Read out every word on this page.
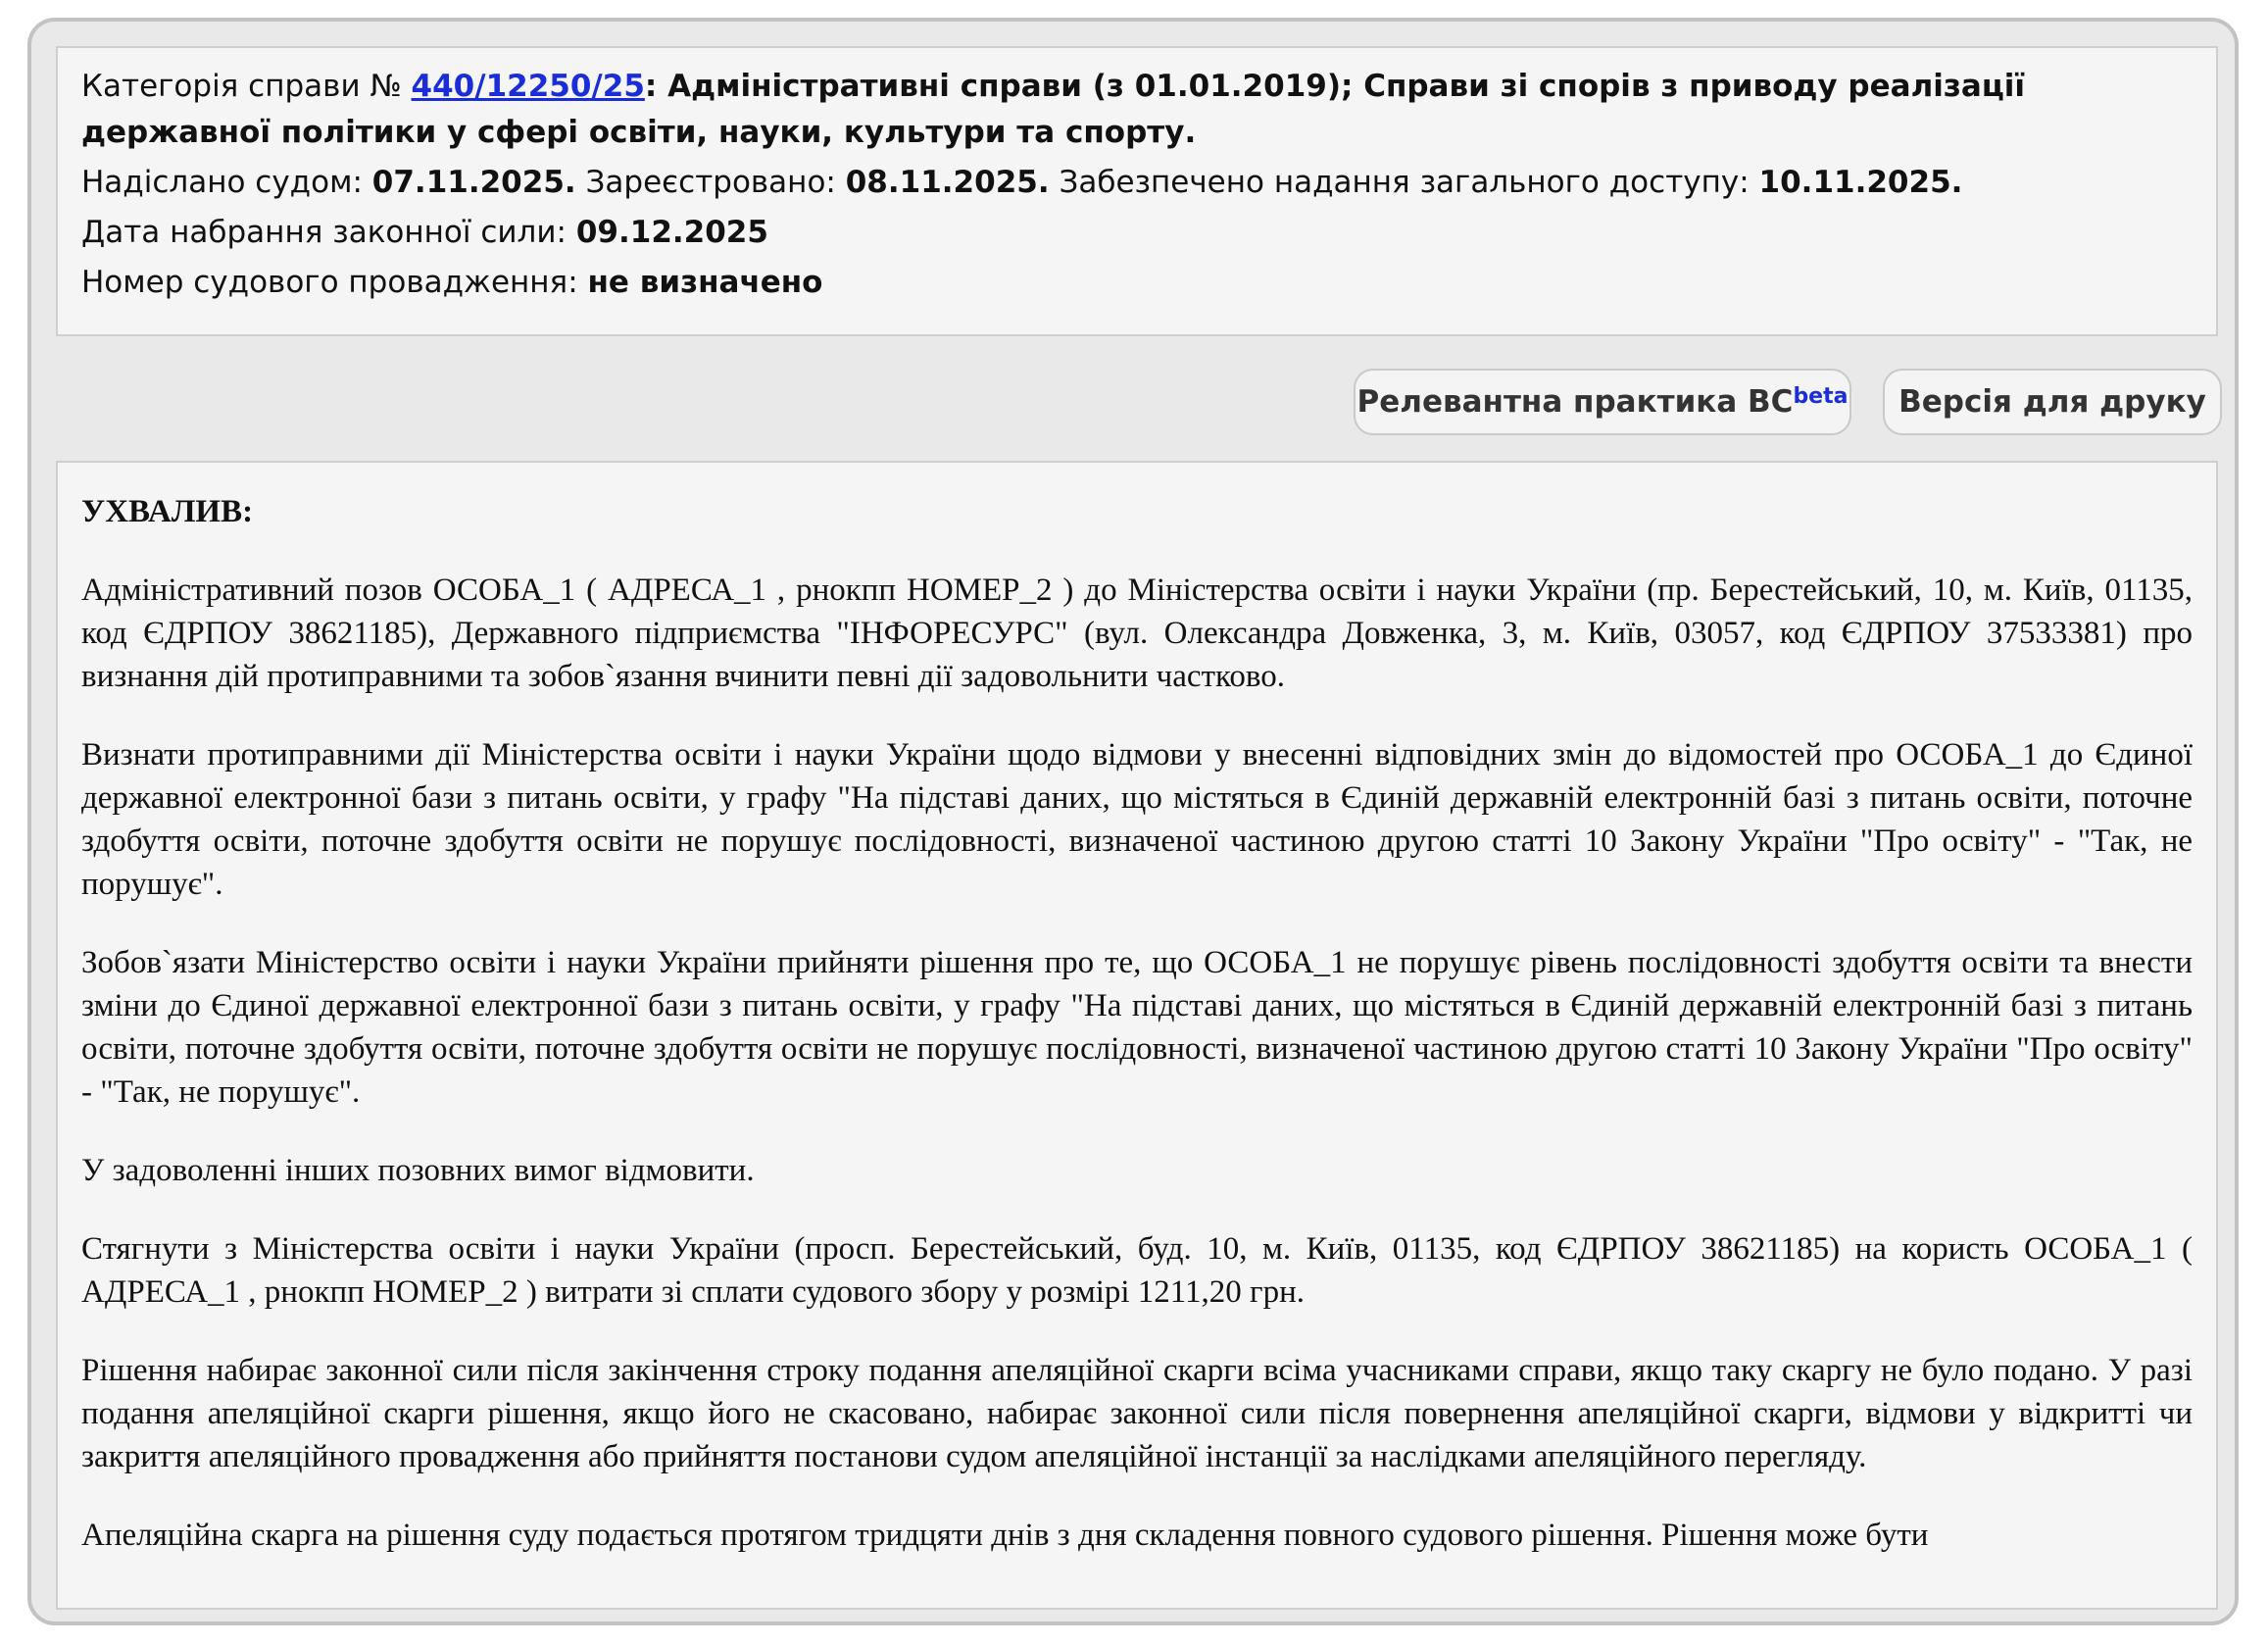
Категорія справи № 440/12250/25: Адміністративні справи (з 01.01.2019); Справи зі спорів з приводу реалізації державної політики у сфері освіти, науки, культури та спорту.
Надіслано судом: 07.11.2025. Зареєстровано: 08.11.2025. Забезпечено надання загального доступу: 10.11.2025.
Дата набрання законної сили: 09.12.2025
Номер судового провадження: не визначено
Релевантна практика $ВС^{beta}$ Версія для друку
УХВАЛИВ:

Адміністративний позов ОСОБА_1 ( АДРЕСА_1 , рнокпп НОМЕР_2 ) до Міністерства освіти і науки України (пр. Берестейський, 10, м. Київ, 01135, код ЄДРПОУ 38621185), Державного підприємства "ІНФОРЕСУРС" (вул. Олександра Довженка, 3, м. Київ, 03057, код ЄДРПОУ 37533381) про визнання дій протиправними та зобов`язання вчинити певні дії задовольнити частково.

Визнати протиправними дії Міністерства освіти і науки України щодо відмови у внесенні відповідних змін до відомостей про ОСОБА_1 до Єдиної державної електронної бази з питань освіти, у графу "На підставі даних, що містяться в Єдиній державній електронній базі з питань освіти, поточне здобуття освіти, поточне здобуття освіти не порушує послідовності, визначеної частиною другою статті 10 Закону України "Про освіту" - "Так, не порушує".

Зобов`язати Міністерство освіти і науки України прийняти рішення про те, що ОСОБА_1 не порушує рівень послідовності здобуття освіти та внести зміни до Єдиної державної електронної бази з питань освіти, у графу "На підставі даних, що містяться в Єдиній державній електронній базі з питань освіти, поточне здобуття освіти, поточне здобуття освіти не порушує послідовності, визначеної частиною другою статті 10 Закону України "Про освіту" - "Так, не порушує".

У задоволенні інших позовних вимог відмовити.

Стягнути з Міністерства освіти і науки України (просп. Берестейський, буд. 10, м. Київ, 01135, код ЄДРПОУ 38621185) на користь ОСОБА_1 ( АДРЕСА_1 , рнокпп НОМЕР_2 ) витрати зі сплати судового збору у розмірі 1211,20 грн.

Рішення набирає законної сили після закінчення строку подання апеляційної скарги всіма учасниками справи, якщо таку скаргу не було подано. У разі подання апеляційної скарги рішення, якщо його не скасовано, набирає законної сили після повернення апеляційної скарги, відмови у відкритті чи закриття апеляційного провадження або прийняття постанови судом апеляційної інстанції за наслідками апеляційного перегляду.

Апеляційна скарга на рішення суду подається протягом тридцяти днів з дня складення повного судового рішення. Рішення може бути
